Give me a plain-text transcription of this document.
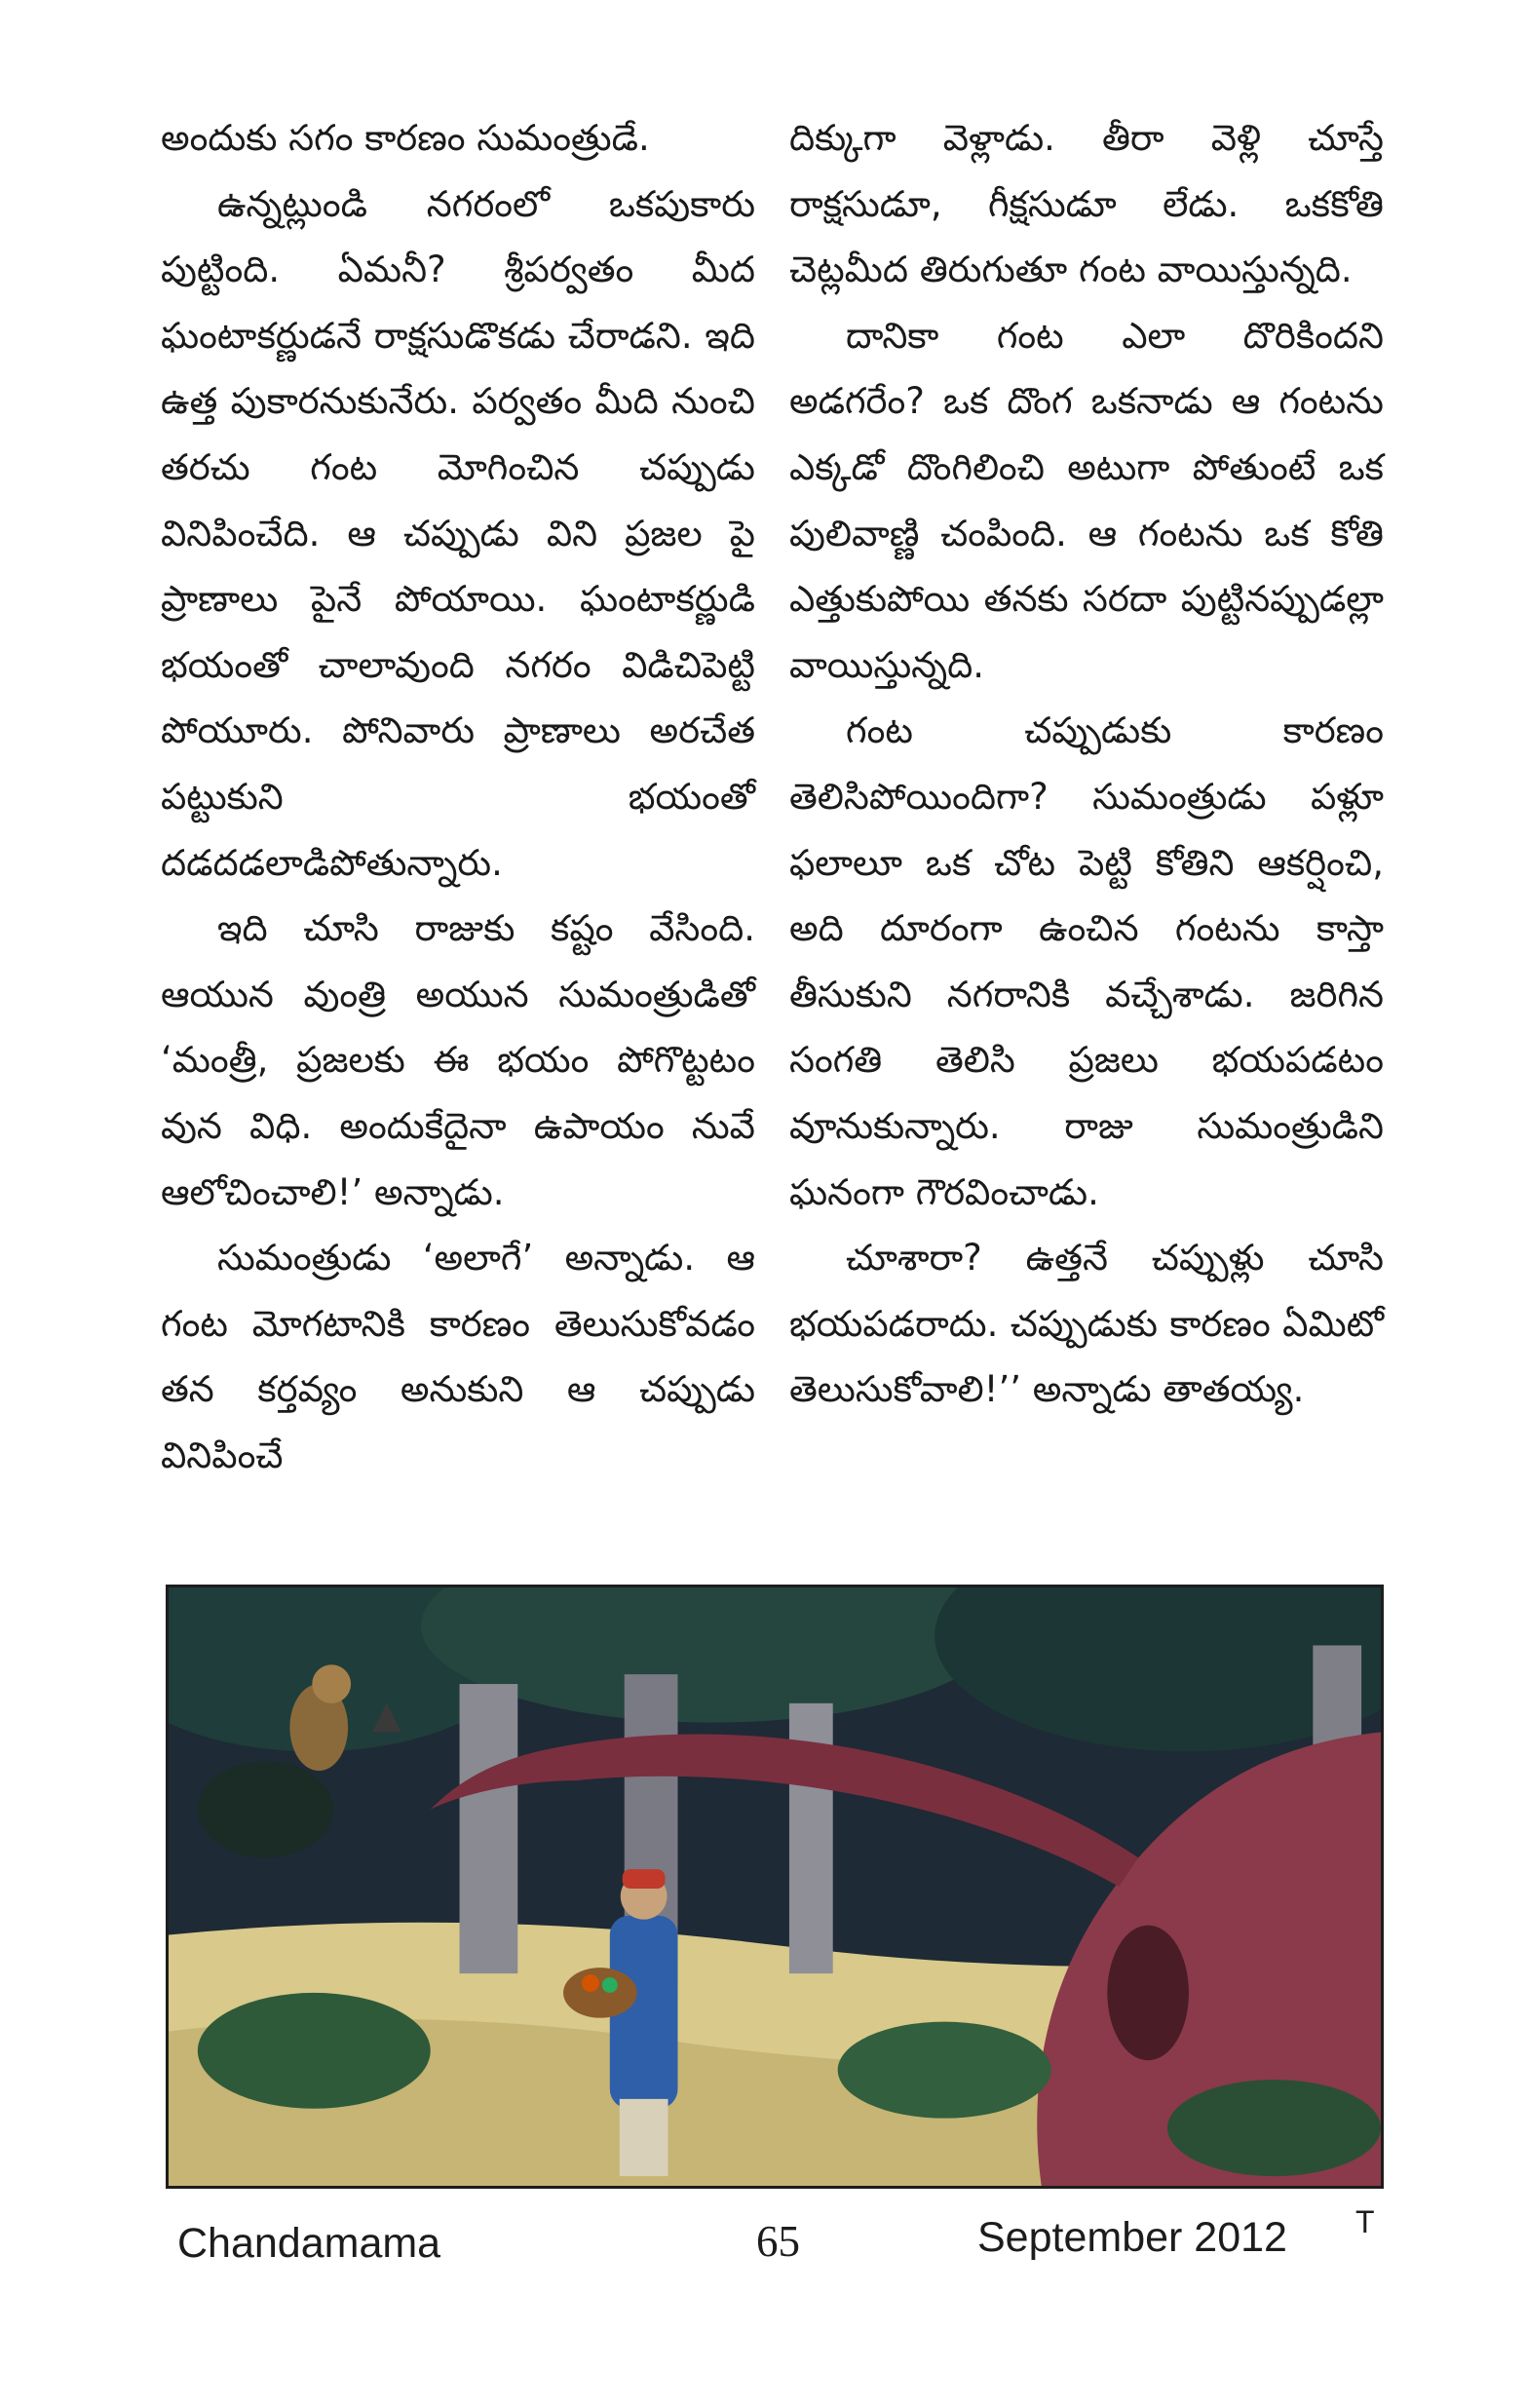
అందుకు సగం కారణం సుమంత్రుడే.

ఉన్నట్లుండి నగరంలో ఒకపుకారు పుట్టింది. ఏమనీ? శ్రీపర్వతం మీద ఘంటాకర్ణుడనే రాక్షసుడొకడు చేరాడని. ఇది ఉత్త పుకారనుకునేరు. పర్వతం మీది నుంచి తరచు గంట మోగించిన చప్పుడు వినిపించేది. ఆ చప్పుడు విని ప్రజల పై ప్రాణాలు పైనే పోయాయి. ఘంటాకర్ణుడి భయంతో చాలావుంది నగరం విడిచిపెట్టి పోయూరు. పోనివారు ప్రాణాలు అరచేత పట్టుకుని భయంతో దడదడలాడిపోతున్నారు.

ఇది చూసి రాజుకు కష్టం వేసింది. ఆయున వుంత్రి అయున సుమంత్రుడితో ‘మంత్రీ, ప్రజలకు ఈ భయం పోగొట్టటం వున విధి. అందుకేదైనా ఉపాయం నువే ఆలోచించాలి!’ అన్నాడు.

సుమంత్రుడు ‘అలాగే’ అన్నాడు. ఆ గంట వెూగటానికి కారణం తెలుసుకోవడం తన కర్తవ్యం అనుకుని ఆ చప్పుడు వినిపించే

దిక్కుగా వెళ్లాడు. తీరా వెళ్లి చూస్తే రాక్షసుడూ, గీక్షసుడూ లేడు. ఒకకోతి చెట్లమీద తిరుగుతూ గంట వాయిస్తున్నది.

దానికా గంట ఎలా దొరికిందని అడగరేం? ఒక దొంగ ఒకనాడు ఆ గంటను ఎక్కడో దొంగిలించి అటుగా పోతుంటే ఒక పులివాణ్ణి చంపింది. ఆ గంటను ఒక కోతి ఎత్తుకుపోయి తనకు సరదా పుట్టినప్పుడల్లా వాయిస్తున్నది.

గంట చప్పుడుకు కారణం తెలిసిపోయిందిగా? సుమంత్రుడు పళ్లూ ఫలాలూ ఒక చోట పెట్టి కోతిని ఆకర్షించి, అది దూరంగా ఉంచిన గంటను కాస్తా తీసుకుని నగరానికి వచ్చేశాడు. జరిగిన సంగతి తెలిసి ప్రజలు భయపడటం వూనుకున్నారు. రాజు సుమంత్రుడిని ఘనంగా గౌరవించాడు.

చూశారా? ఉత్తనే చప్పుళ్లు చూసి భయపడరాదు. చప్పుడుకు కారణం ఏమిటో తెలుసుకోవాలి!’’ అన్నాడు తాతయ్య.

Chandamama	65	September 2012 T
